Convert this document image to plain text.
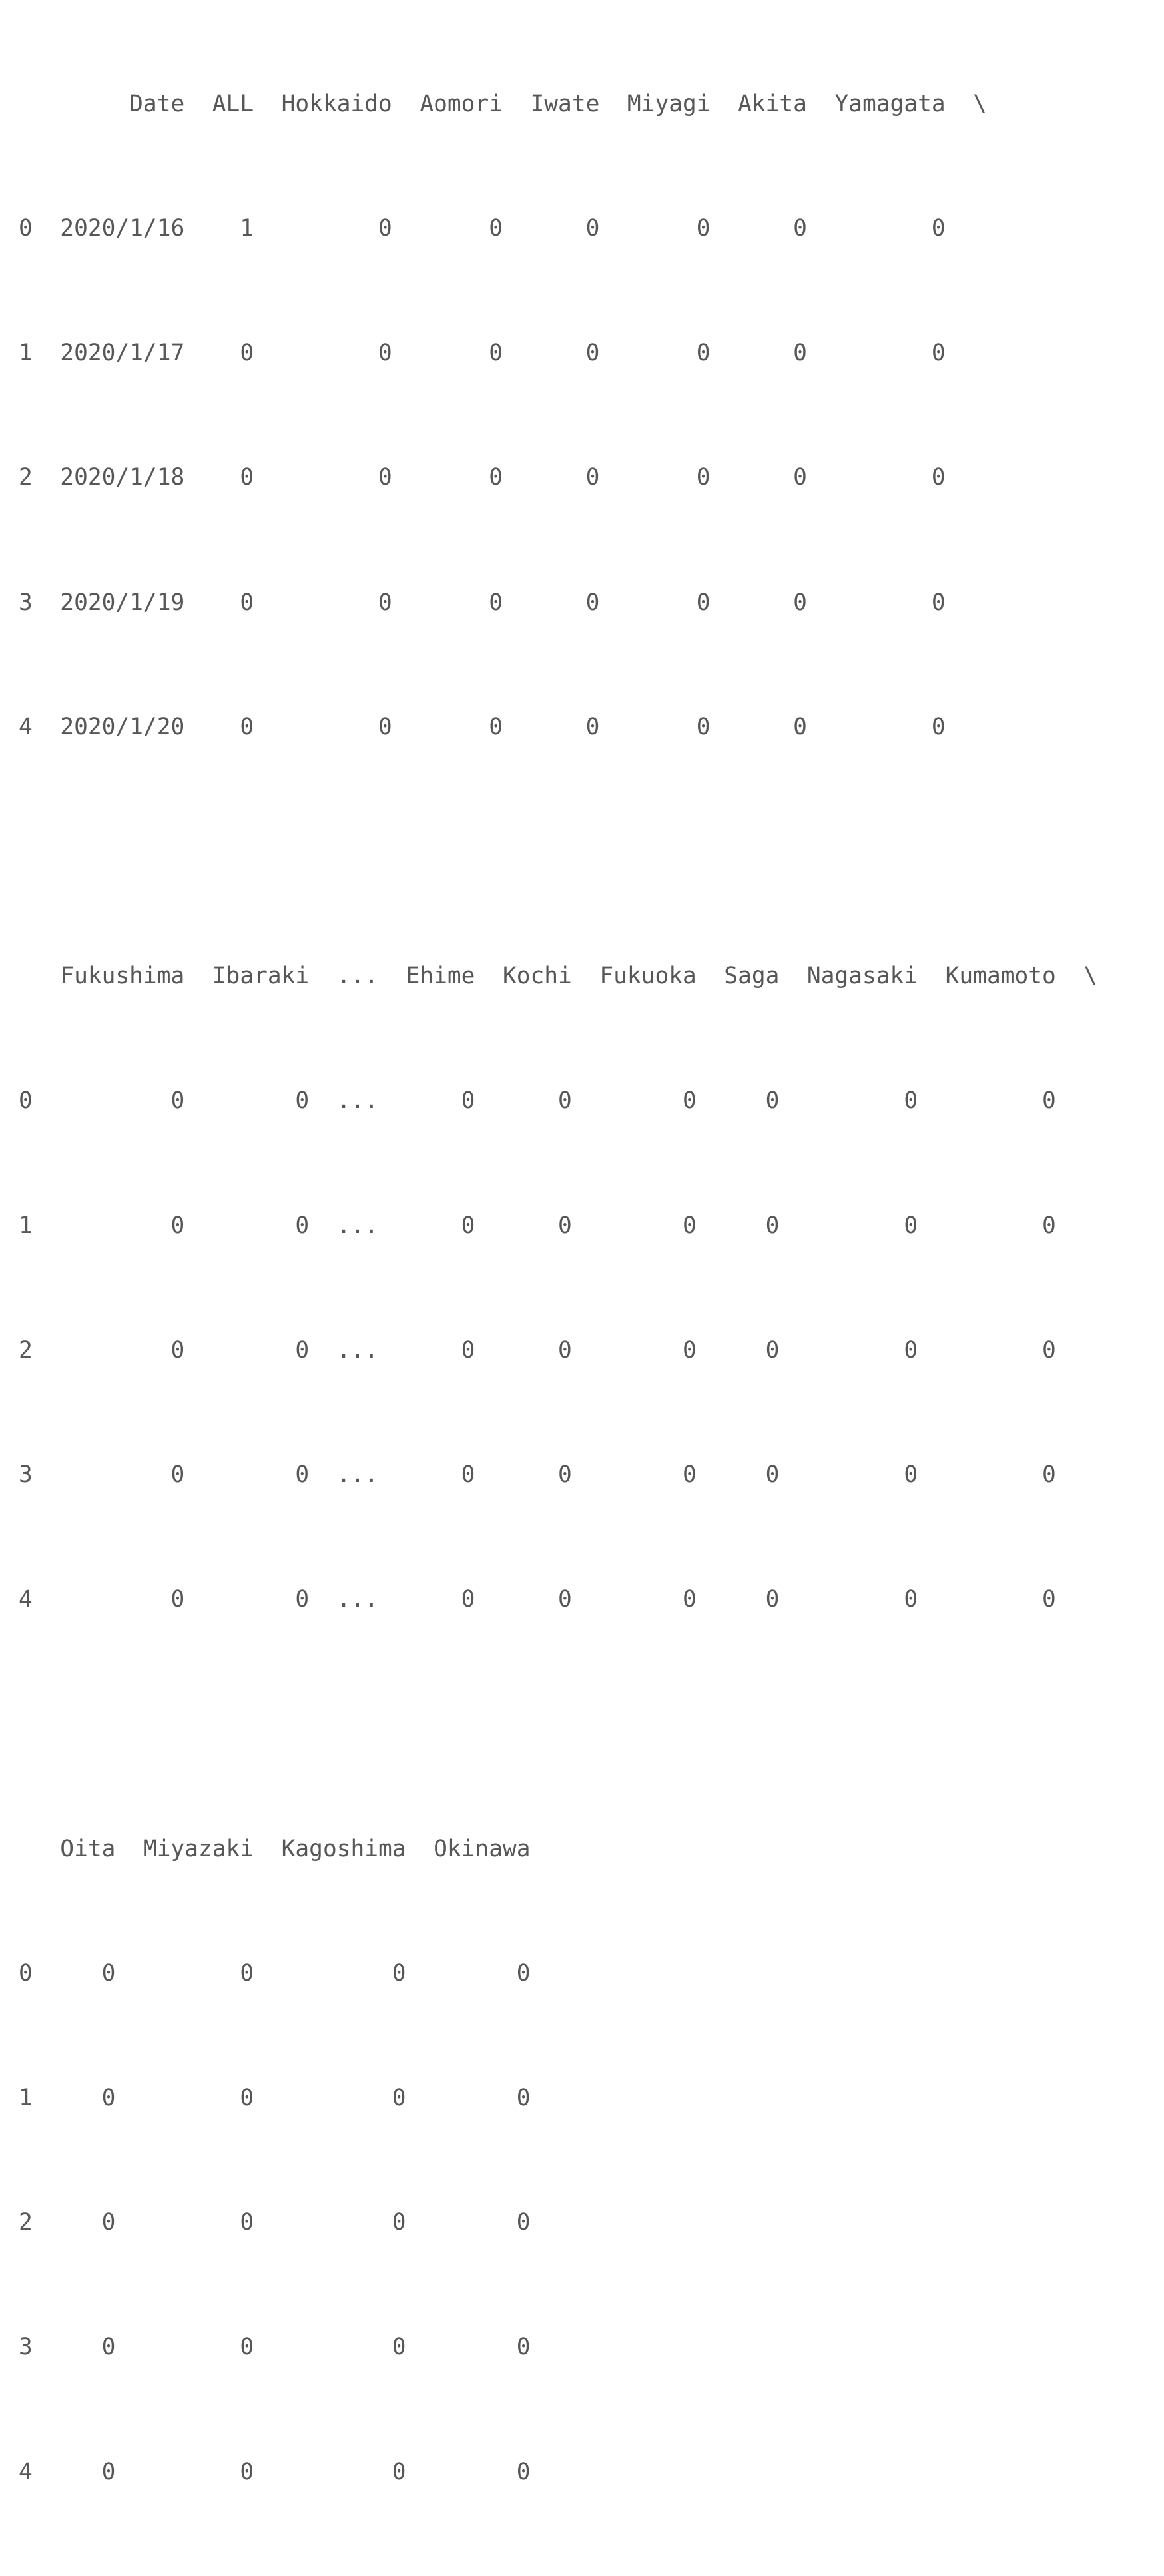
Date  ALL  Hokkaido  Aomori  Iwate  Miyagi  Akita  Yamagata  \

0  2020/1/16    1         0       0      0       0      0         0

1  2020/1/17    0         0       0      0       0      0         0

2  2020/1/18    0         0       0      0       0      0         0

3  2020/1/19    0         0       0      0       0      0         0

4  2020/1/20    0         0       0      0       0      0         0

Fukushima  Ibaraki  ...  Ehime  Kochi  Fukuoka  Saga  Nagasaki  Kumamoto  \

0          0        0  ...      0      0        0     0         0         0

1          0        0  ...      0      0        0     0         0         0

2          0        0  ...      0      0        0     0         0         0

3          0        0  ...      0      0        0     0         0         0

4          0        0  ...      0      0        0     0         0         0

Oita  Miyazaki  Kagoshima  Okinawa

0     0         0          0        0

1     0         0          0        0

2     0         0          0        0

3     0         0          0        0

4     0         0          0        0
